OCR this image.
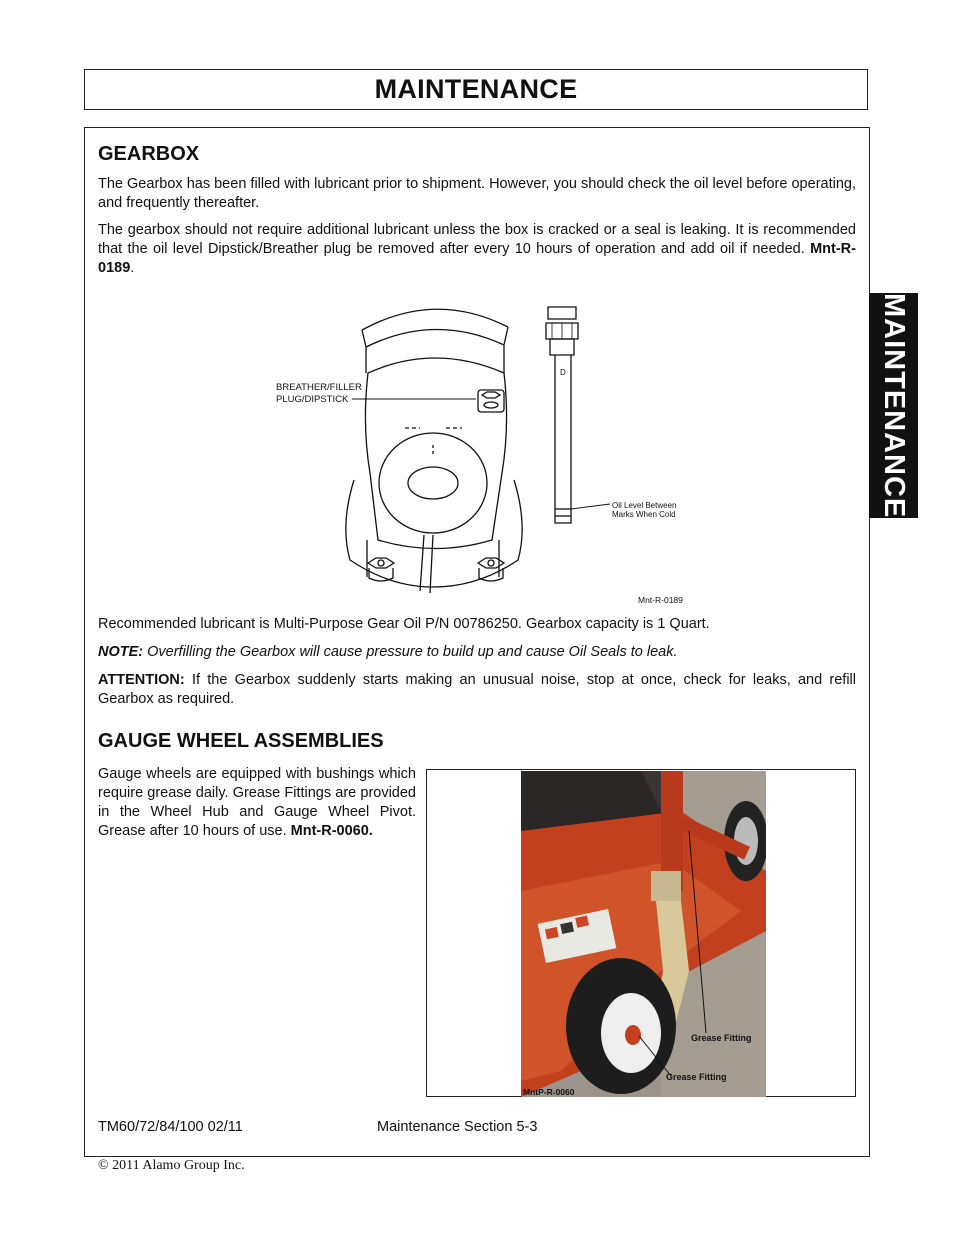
MAINTENANCE
MAINTENANCE
GEARBOX

The Gearbox has been filled with lubricant prior to shipment. However, you should check the oil level before operating, and frequently thereafter.

The gearbox should not require additional lubricant unless the box is cracked or a seal is leaking. It is recommended that the oil level Dipstick/Breather plug be removed after every 10 hours of operation and add oil if needed. Mnt-R-0189.

D
BREATHER/FILLER
PLUG/DIPSTICK
Oil Level Between
Marks When Cold
Mnt-R-0189

Recommended lubricant is Multi-Purpose Gear Oil P/N 00786250. Gearbox capacity is 1 Quart.

NOTE: Overfilling the Gearbox will cause pressure to build up and cause Oil Seals to leak.

ATTENTION: If the Gearbox suddenly starts making an unusual noise, stop at once, check for leaks, and refill Gearbox as required.

GAUGE WHEEL ASSEMBLIES

Gauge wheels are equipped with bushings which require grease daily. Grease Fittings are provided in the Wheel Hub and Gauge Wheel Pivot. Grease after 10 hours of use. Mnt-R-0060.

Grease Fitting
Grease Fitting
MntP-R-0060
TM60/72/84/100 02/11	Maintenance Section 5-3
© 2011 Alamo Group Inc.
